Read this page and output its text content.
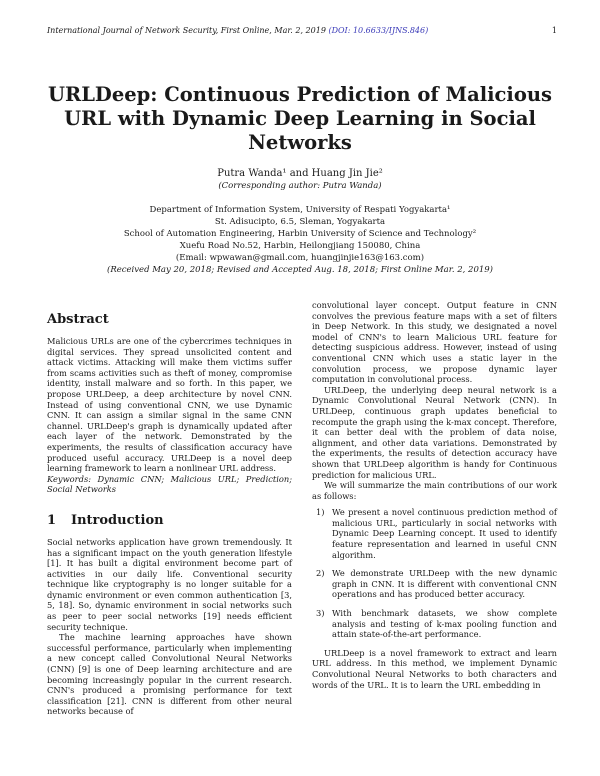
International Journal of Network Security, First Online, Mar. 2, 2019 (DOI: 10.6633/IJNS.846)	1
URLDeep: Continuous Prediction of Malicious
URL with Dynamic Deep Learning in Social
Networks
Putra Wanda¹ and Huang Jin Jie²
(Corresponding author: Putra Wanda)
Department of Information System, University of Respati Yogyakarta¹
St. Adisucipto, 6.5, Sleman, Yogyakarta
School of Automation Engineering, Harbin University of Science and Technology²
Xuefu Road No.52, Harbin, Heilongjiang 150080, China
(Email: wpwawan@gmail.com, huangjinjie163@163.com)
(Received May 20, 2018; Revised and Accepted Aug. 18, 2018; First Online Mar. 2, 2019)
Abstract

Malicious URLs are one of the cybercrimes techniques in digital services. They spread unsolicited content and attack victims. Attacking will make them victims suffer from scams activities such as theft of money, compromise identity, install malware and so forth. In this paper, we propose URLDeep, a deep architecture by novel CNN. Instead of using conventional CNN, we use Dynamic CNN. It can assign a similar signal in the same CNN channel. URLDeep's graph is dynamically updated after each layer of the network. Demonstrated by the experiments, the results of classification accuracy have produced useful accuracy. URLDeep is a novel deep learning framework to learn a nonlinear URL address.

Keywords: Dynamic CNN; Malicious URL; Prediction; Social Networks

1 Introduction

Social networks application have grown tremendously. It has a significant impact on the youth generation lifestyle [1]. It has built a digital environment become part of activities in our daily life. Conventional security technique like cryptography is no longer suitable for a dynamic environment or even common authentication [3, 5, 18]. So, dynamic environment in social networks such as peer to peer social networks [19] needs efficient security technique.

The machine learning approaches have shown successful performance, particularly when implementing a new concept called Convolutional Neural Networks (CNN) [9] is one of Deep learning architecture and are becoming increasingly popular in the current research. CNN's produced a promising performance for text classification [21]. CNN is different from other neural networks because of

convolutional layer concept. Output feature in CNN convolves the previous feature maps with a set of filters in Deep Network. In this study, we designated a novel model of CNN's to learn Malicious URL feature for detecting suspicious address. However, instead of using conventional CNN which uses a static layer in the convolution process, we propose dynamic layer computation in convolutional process.

URLDeep, the underlying deep neural network is a Dynamic Convolutional Neural Network (CNN). In URLDeep, continuous graph updates beneficial to recompute the graph using the k-max concept. Therefore, it can better deal with the problem of data noise, alignment, and other data variations. Demonstrated by the experiments, the results of detection accuracy have shown that URLDeep algorithm is handy for Continuous prediction for malicious URL.

We will summarize the main contributions of our work as follows:

1) We present a novel continuous prediction method of malicious URL, particularly in social networks with Dynamic Deep Learning concept. It used to identify feature representation and learned in useful CNN algorithm.
2) We demonstrate URLDeep with the new dynamic graph in CNN. It is different with conventional CNN operations and has produced better accuracy.
3) With benchmark datasets, we show complete analysis and testing of k-max pooling function and attain state-of-the-art performance.

URLDeep is a novel framework to extract and learn URL address. In this method, we implement Dynamic Convolutional Neural Networks to both characters and words of the URL. It is to learn the URL embedding in
